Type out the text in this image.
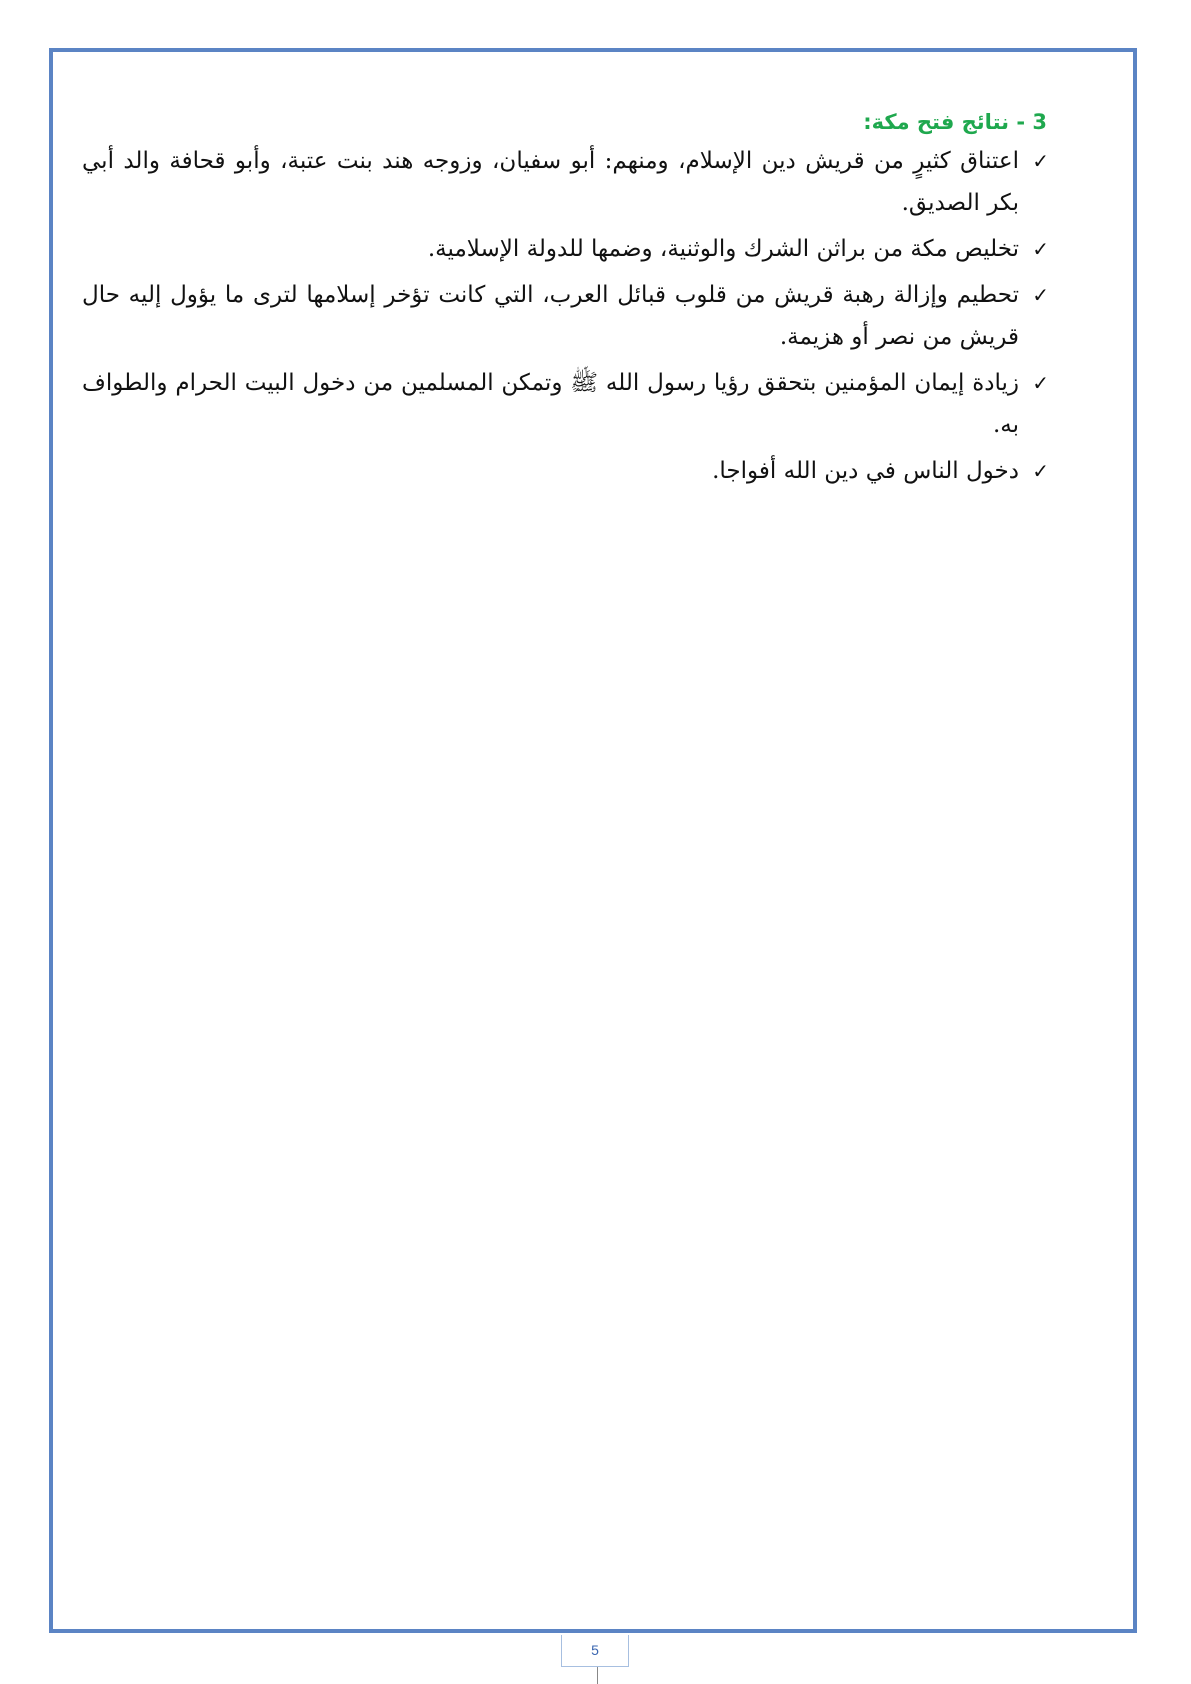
3 - نتائج فتح مكة:
✓
اعتناق كثيرٍ من قريش دين الإسلام، ومنهم: أبو سفيان، وزوجه هند بنت عتبة، وأبو قحافة والد أبي بكر الصديق.
✓
تخليص مكة من براثن الشرك والوثنية، وضمها للدولة الإسلامية.
✓
تحطيم وإزالة رهبة قريش من قلوب قبائل العرب، التي كانت تؤخر إسلامها لترى ما يؤول إليه حال قريش من نصر أو هزيمة.
✓
زيادة إيمان المؤمنين بتحقق رؤيا رسول الله ﷺ وتمكن المسلمين من دخول البيت الحرام والطواف به.
✓
دخول الناس في دين الله أفواجا.
5
